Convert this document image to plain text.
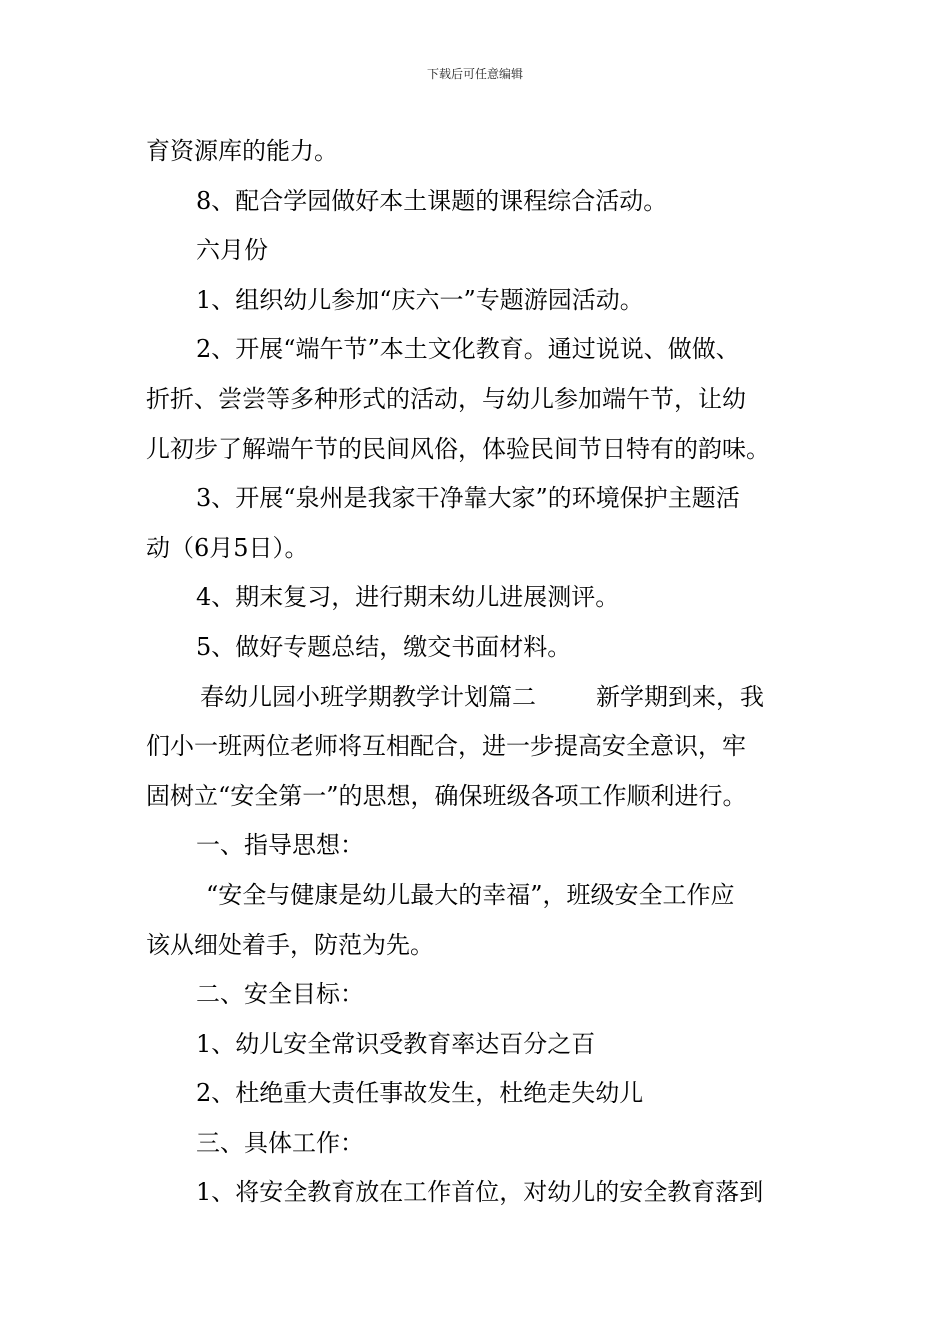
下载后可任意编辑
育资源库的能力。
8、配合学园做好本土课题的课程综合活动。
六月份
1、组织幼儿参加“庆六一”专题游园活动。
2、开展“端午节”本土文化教育。通过说说、做做、
折折、尝尝等多种形式的活动，与幼儿参加端午节，让幼
儿初步了解端午节的民间风俗，体验民间节日特有的韵味。
3、开展“泉州是我家干净靠大家”的环境保护主题活
动（6月5日）。
4、期末复习，进行期末幼儿进展测评。
5、做好专题总结，缴交书面材料。
春幼儿园小班学期教学计划篇二	新学期到来，我
们小一班两位老师将互相配合，进一步提高安全意识，牢
固树立“安全第一”的思想，确保班级各项工作顺利进行。
一、指导思想：
“安全与健康是幼儿最大的幸福”，班级安全工作应
该从细处着手，防范为先。
二、安全目标：
1、幼儿安全常识受教育率达百分之百
2、杜绝重大责任事故发生，杜绝走失幼儿
三、具体工作：
1、将安全教育放在工作首位，对幼儿的安全教育落到
